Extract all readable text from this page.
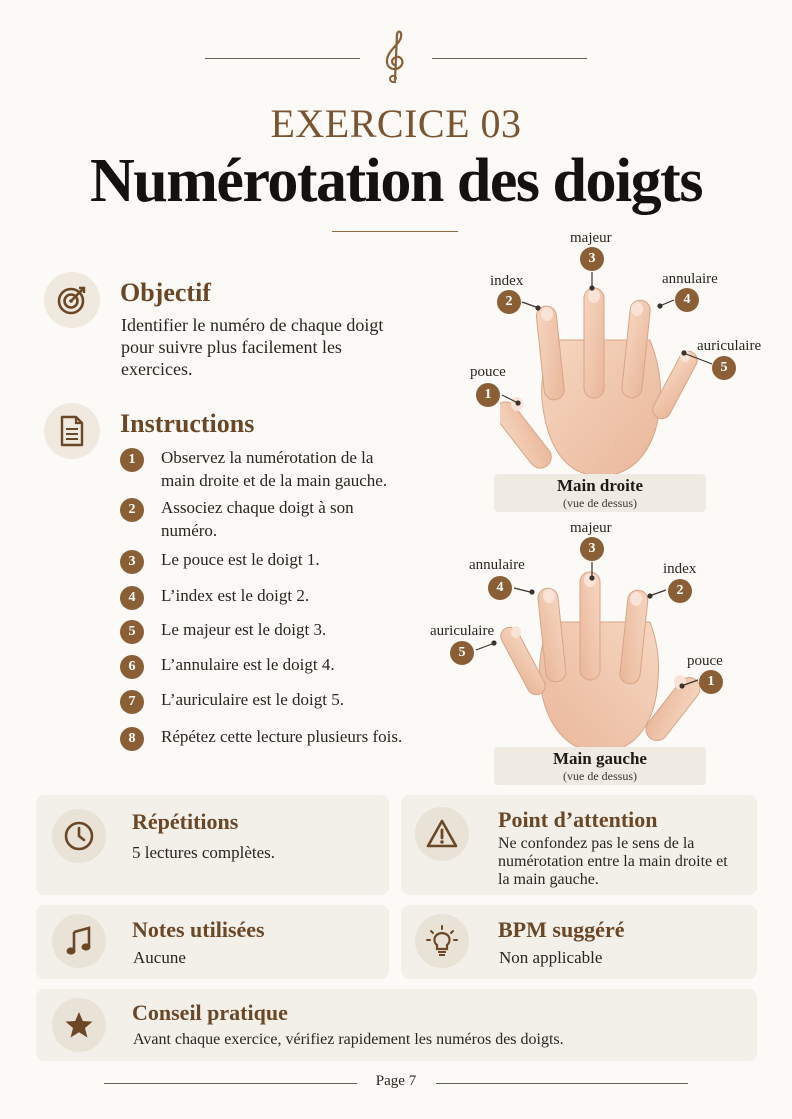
EXERCICE 03
Numérotation des doigts
Objectif
Identifier le numéro de chaque doigt pour suivre plus facilement les exercices.
Instructions
1	Observez la numérotation de la main droite et de la main gauche.
2	Associez chaque doigt à son numéro.
3	Le pouce est le doigt 1.
4	L’index est le doigt 2.
5	Le majeur est le doigt 3.
6	L’annulaire est le doigt 4.
7	L’auriculaire est le doigt 5.
8	Répétez cette lecture plusieurs fois.
majeur
3
index
2
annulaire
4
auriculaire
5
pouce
1
Main droite
(vue de dessus)
majeur
3
annulaire
4
index
2
auriculaire
5
pouce
1
Main gauche
(vue de dessus)
Répétitions
5 lectures complètes.
Point d’attention
Ne confondez pas le sens de la numérotation entre la main droite et la main gauche.
Notes utilisées
Aucune
BPM suggéré
Non applicable
Conseil pratique
Avant chaque exercice, vérifiez rapidement les numéros des doigts.
Page 7
